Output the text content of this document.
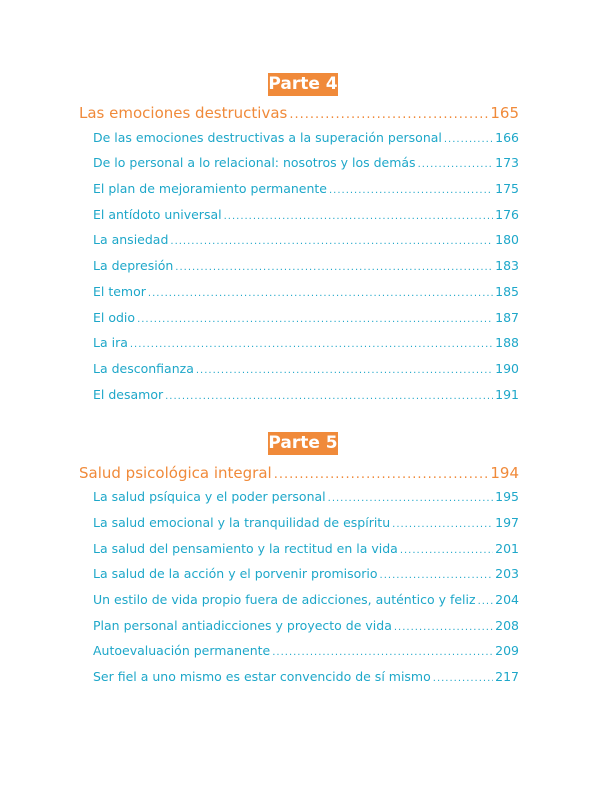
Parte 4
Las emociones destructivas .....	165
De las emociones destructivas a la superación personal .....	166
De lo personal a lo relacional: nosotros y los demás .....	173
El plan de mejoramiento permanente .....	175
El antídoto universal .....	176
La ansiedad .....	180
La depresión .....	183
El temor .....	185
El odio .....	187
La ira .....	188
La desconfianza .....	190
El desamor .....	191
Parte 5
Salud psicológica integral .....	194
La salud psíquica y el poder personal .....	195
La salud emocional y la tranquilidad de espíritu .....	197
La salud del pensamiento y la rectitud en la vida .....	201
La salud de la acción y el porvenir promisorio .....	203
Un estilo de vida propio fuera de adicciones, auténtico y feliz ..... 204
Plan personal antiadicciones y proyecto de vida .....	208
Autoevaluación permanente .....	209
Ser fiel a uno mismo es estar convencido de sí mismo .....	217
